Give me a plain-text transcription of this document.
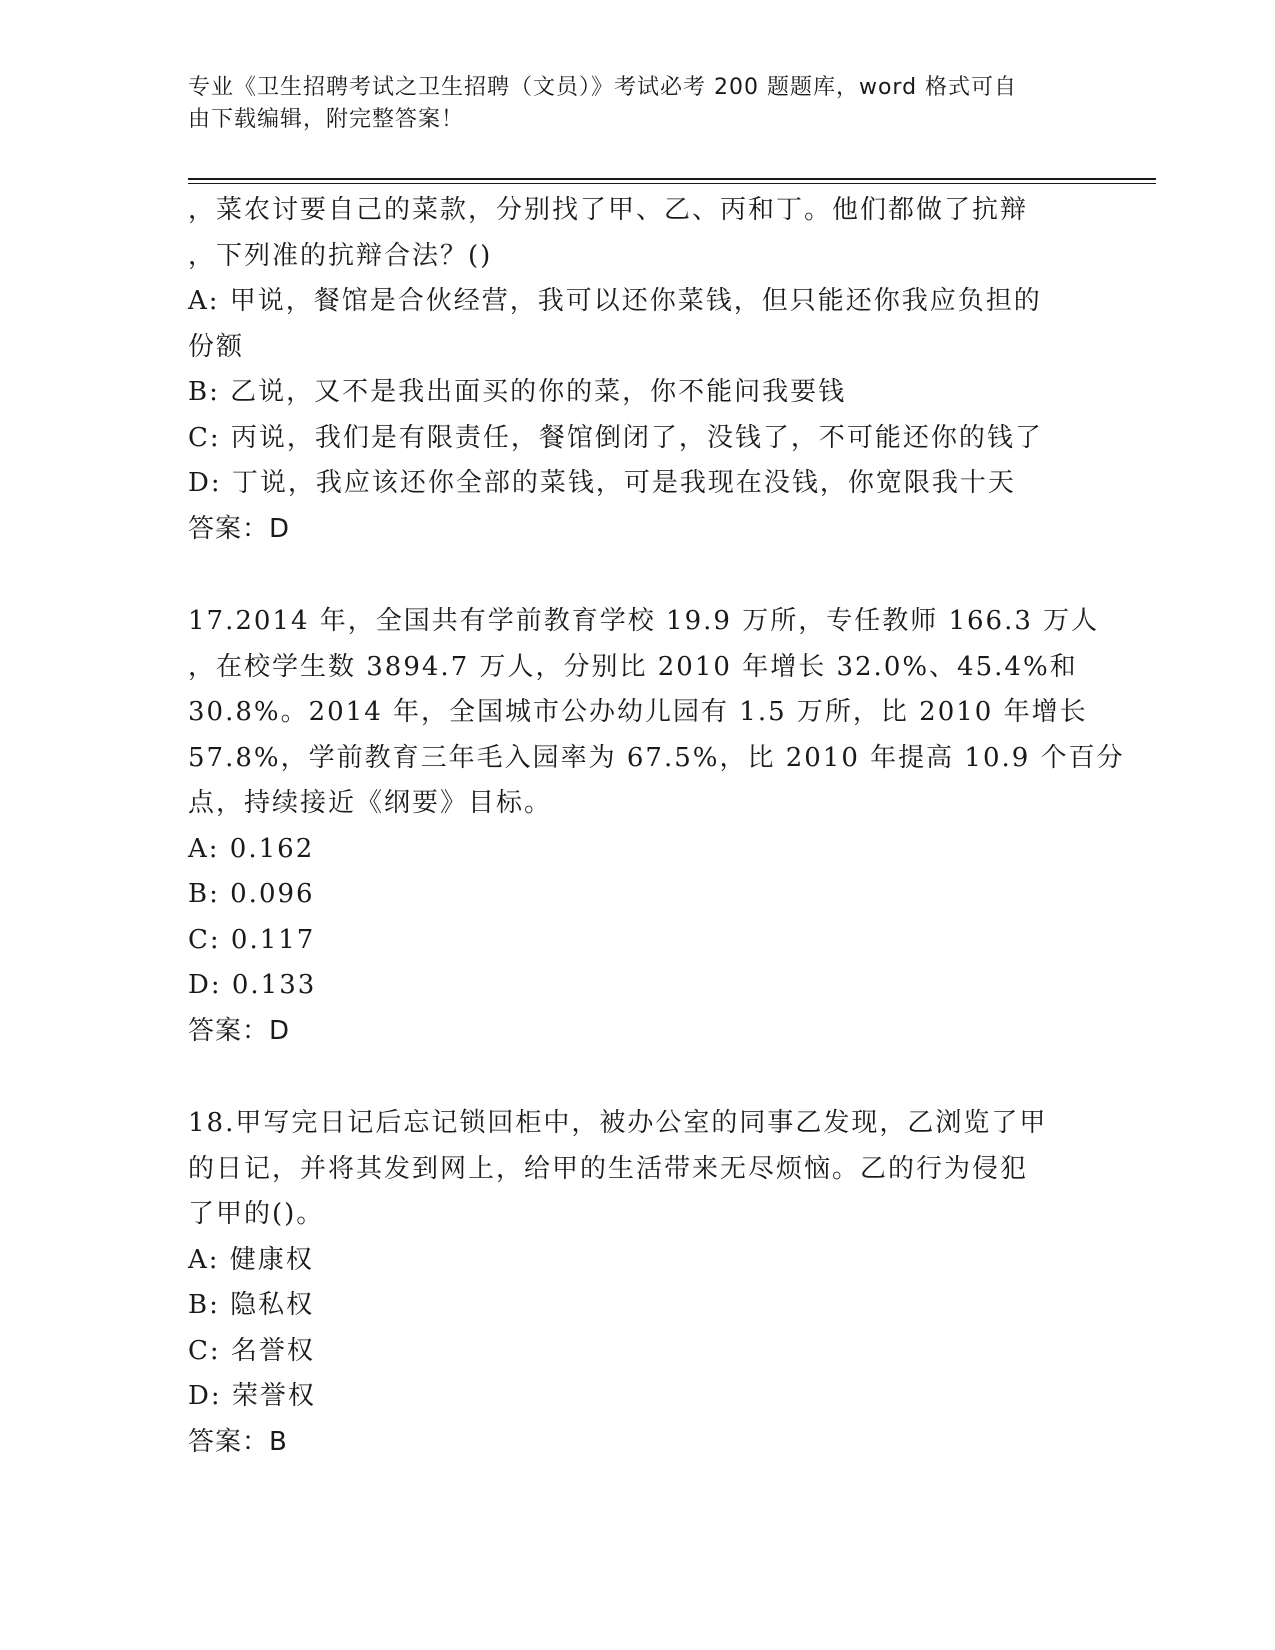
专业《卫生招聘考试之卫生招聘（文员）》考试必考 200 题题库，word 格式可自
由下载编辑，附完整答案！
，菜农讨要自己的菜款，分别找了甲、乙、丙和丁。他们都做了抗辩
，下列准的抗辩合法？()
A: 甲说，餐馆是合伙经营，我可以还你菜钱，但只能还你我应负担的
份额
B: 乙说，又不是我出面买的你的菜，你不能问我要钱
C: 丙说，我们是有限责任，餐馆倒闭了，没钱了，不可能还你的钱了
D: 丁说，我应该还你全部的菜钱，可是我现在没钱，你宽限我十天
答案：D
17.2014 年，全国共有学前教育学校 19.9 万所，专任教师 166.3 万人
，在校学生数 3894.7 万人，分别比 2010 年增长 32.0%、45.4%和
30.8%。2014 年，全国城市公办幼儿园有 1.5 万所，比 2010 年增长
57.8%，学前教育三年毛入园率为 67.5%，比 2010 年提高 10.9 个百分
点，持续接近《纲要》目标。
A: 0.162
B: 0.096
C: 0.117
D: 0.133
答案：D
18.甲写完日记后忘记锁回柜中，被办公室的同事乙发现，乙浏览了甲
的日记，并将其发到网上，给甲的生活带来无尽烦恼。乙的行为侵犯
了甲的()。
A: 健康权
B: 隐私权
C: 名誉权
D: 荣誉权
答案：B
